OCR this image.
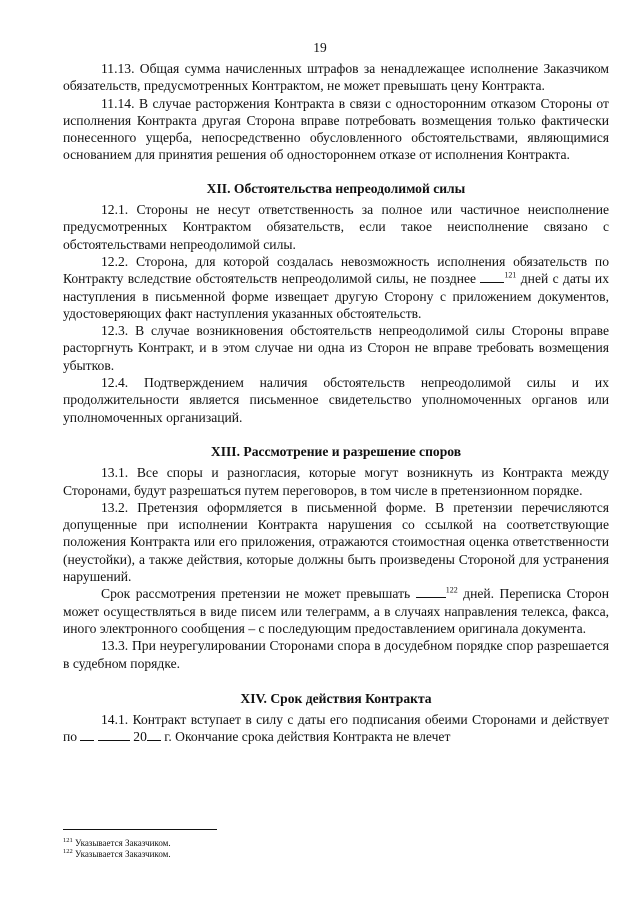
19

11.13. Общая сумма начисленных штрафов за ненадлежащее исполнение Заказчиком обязательств, предусмотренных Контрактом, не может превышать цену Контракта.

11.14. В случае расторжения Контракта в связи с односторонним отказом Стороны от исполнения Контракта другая Сторона вправе потребовать возмещения только фактически понесенного ущерба, непосредственно обусловленного обстоятельствами, являющимися основанием для принятия решения об одностороннем отказе от исполнения Контракта.

XII. Обстоятельства непреодолимой силы

12.1. Стороны не несут ответственность за полное или частичное неисполнение предусмотренных Контрактом обязательств, если такое неисполнение связано с обстоятельствами непреодолимой силы.

12.2. Сторона, для которой создалась невозможность исполнения обязательств по Контракту вследствие обстоятельств непреодолимой силы, не позднее	$^{121}$ дней с даты их наступления в письменной форме извещает другую Сторону с приложением документов, удостоверяющих факт наступления указанных обстоятельств.

12.3. В случае возникновения обстоятельств непреодолимой силы Стороны вправе расторгнуть Контракт, и в этом случае ни одна из Сторон не вправе требовать возмещения убытков.

12.4. Подтверждением наличия обстоятельств непреодолимой силы и их продолжительности является письменное свидетельство уполномоченных органов или уполномоченных организаций.

XIII. Рассмотрение и разрешение споров

13.1. Все споры и разногласия, которые могут возникнуть из Контракта между Сторонами, будут разрешаться путем переговоров, в том числе в претензионном порядке.

13.2. Претензия оформляется в письменной форме. В претензии перечисляются допущенные при исполнении Контракта нарушения со ссылкой на соответствующие положения Контракта или его приложения, отражаются стоимостная оценка ответственности (неустойки), а также действия, которые должны быть произведены Стороной для устранения нарушений.

Срок рассмотрения претензии не может превышать	$^{122}$ дней. Переписка Сторон может осуществляться в виде писем или телеграмм, а в случаях направления телекса, факса, иного электронного сообщения – с последующим предоставлением оригинала документа.

13.3. При неурегулировании Сторонами спора в досудебном порядке спор разрешается в судебном порядке.

XIV. Срок действия Контракта

14.1. Контракт вступает в силу с даты его подписания обеими Сторонами и действует по	20 г. Окончание срока действия Контракта не влечет

$^{121}$ Указывается Заказчиком.
$^{122}$ Указывается Заказчиком.
